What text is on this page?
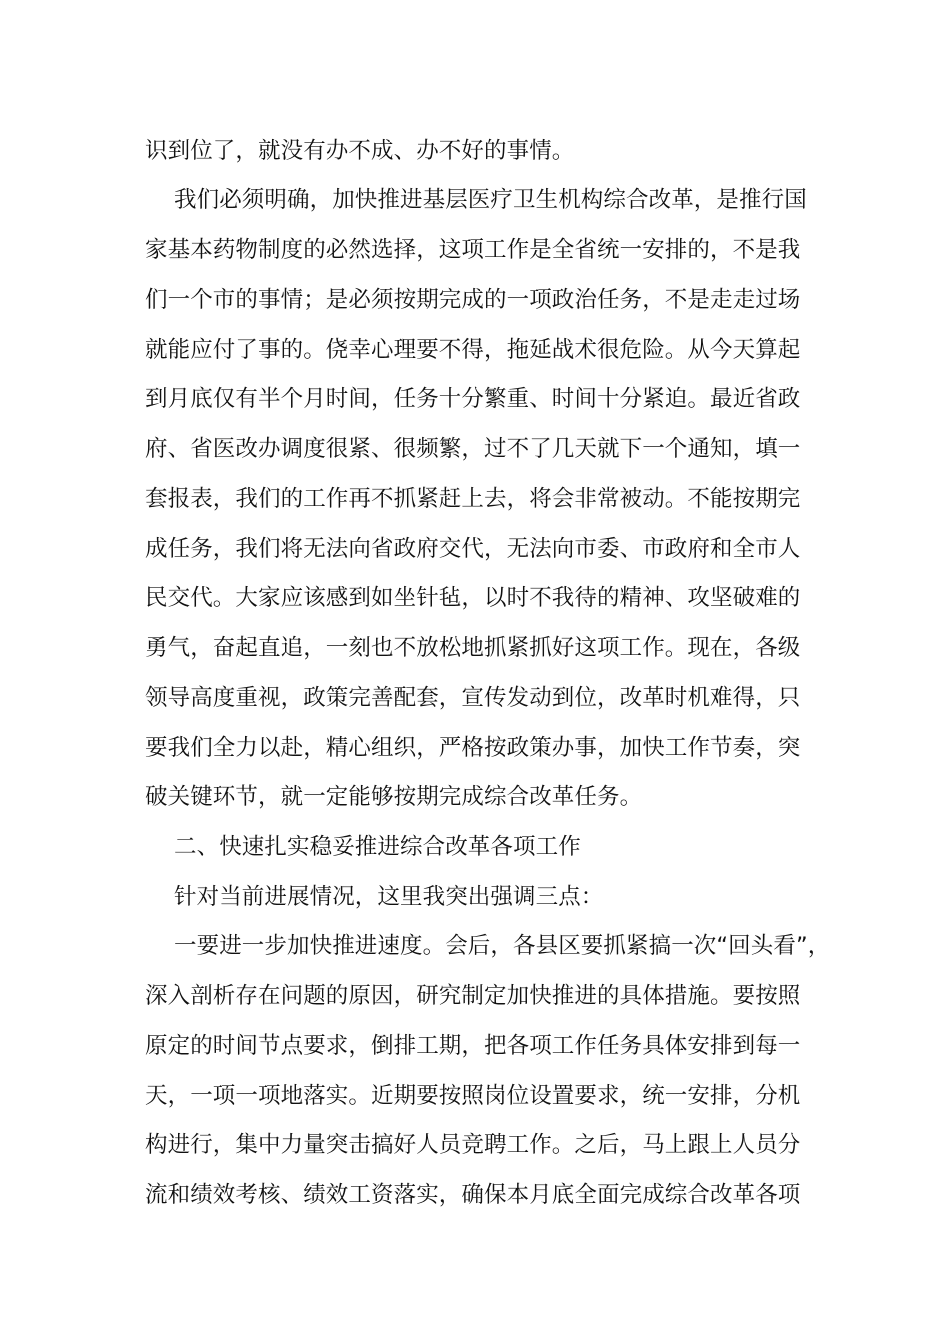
识到位了，就没有办不成、办不好的事情。
我们必须明确，加快推进基层医疗卫生机构综合改革，是推行国
家基本药物制度的必然选择，这项工作是全省统一安排的，不是我
们一个市的事情；是必须按期完成的一项政治任务，不是走走过场
就能应付了事的。侥幸心理要不得，拖延战术很危险。从今天算起
到月底仅有半个月时间，任务十分繁重、时间十分紧迫。最近省政
府、省医改办调度很紧、很频繁，过不了几天就下一个通知，填一
套报表，我们的工作再不抓紧赶上去，将会非常被动。不能按期完
成任务，我们将无法向省政府交代，无法向市委、市政府和全市人
民交代。大家应该感到如坐针毡，以时不我待的精神、攻坚破难的
勇气，奋起直追，一刻也不放松地抓紧抓好这项工作。现在，各级
领导高度重视，政策完善配套，宣传发动到位，改革时机难得，只
要我们全力以赴，精心组织，严格按政策办事，加快工作节奏，突
破关键环节，就一定能够按期完成综合改革任务。
二、快速扎实稳妥推进综合改革各项工作
针对当前进展情况，这里我突出强调三点：
一要进一步加快推进速度。会后，各县区要抓紧搞一次“回头看”，
深入剖析存在问题的原因，研究制定加快推进的具体措施。要按照
原定的时间节点要求，倒排工期，把各项工作任务具体安排到每一
天，一项一项地落实。近期要按照岗位设置要求，统一安排，分机
构进行，集中力量突击搞好人员竞聘工作。之后，马上跟上人员分
流和绩效考核、绩效工资落实，确保本月底全面完成综合改革各项
